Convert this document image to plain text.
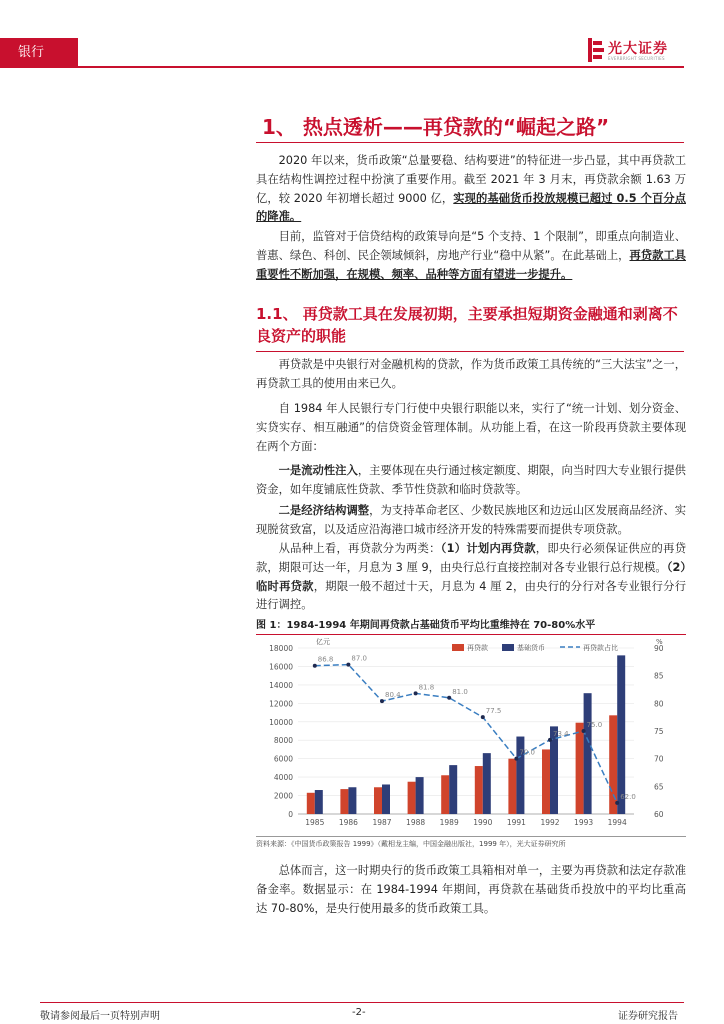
银行业
光大证券
EVERBRIGHT SECURITIES
1、 热点透析——再贷款的“崛起之路”

2020 年以来，货币政策“总量要稳、结构要进”的特征进一步凸显，其中再贷款工具在结构性调控过程中扮演了重要作用。截至 2021 年 3 月末，再贷款余额 1.63 万亿，较 2020 年初增长超过 9000 亿，实现的基础货币投放规模已超过 0.5 个百分点的降准。

目前，监管对于信贷结构的政策导向是“5 个支持、1 个限制”，即重点向制造业、普惠、绿色、科创、民企领域倾斜，房地产行业“稳中从紧”。在此基础上，再贷款工具重要性不断加强，在规模、频率、品种等方面有望进一步提升。

1.1、 再贷款工具在发展初期，主要承担短期资金融通和剥离不良资产的职能

再贷款是中央银行对金融机构的贷款，作为货币政策工具传统的“三大法宝”之一，再贷款工具的使用由来已久。

自 1984 年人民银行专门行使中央银行职能以来，实行了“统一计划、划分资金、实贷实存、相互融通”的信贷资金管理体制。从功能上看，在这一阶段再贷款主要体现在两个方面：

一是流动性注入，主要体现在央行通过核定额度、期限，向当时四大专业银行提供资金，如年度铺底性贷款、季节性贷款和临时贷款等。

二是经济结构调整，为支持革命老区、少数民族地区和边远山区发展商品经济、实现脱贫致富，以及适应沿海港口城市经济开发的特殊需要而提供专项贷款。

从品种上看，再贷款分为两类：（1）计划内再贷款，即央行必须保证供应的再贷款，期限可达一年，月息为 3 厘 9，由央行总行直接控制对各专业银行总行规模。（2）临时再贷款，期限一般不超过十天，月息为 4 厘 2，由央行的分行对各专业银行分行进行调控。

图 1：1984-1994 年期间再贷款占基础货币平均比重维持在 70-80%水平
0
2000
4000
6000
8000
10000
12000
14000
16000
18000
60
65
70
75
80
85
90
亿元	%
1985 1986 1987 1988 1989 1990 1991 1992 1993 1994
86.8	87.0
80.4
81.8
81.0
77.5
70.0
73.4
75.0
62.0
再贷款	基础货币	再贷款占比
资料来源：《中国货币政策报告 1999》（戴相龙主编，中国金融出版社，1999 年），光大证券研究所

总体而言，这一时期央行的货币政策工具箱相对单一，主要为再贷款和法定存款准备金率。数据显示：在 1984-1994 年期间，再贷款在基础货币投放中的平均比重高达 70-80%，是央行使用最多的货币政策工具。

敬请参阅最后一页特别声明	-2-	证券研究报告
